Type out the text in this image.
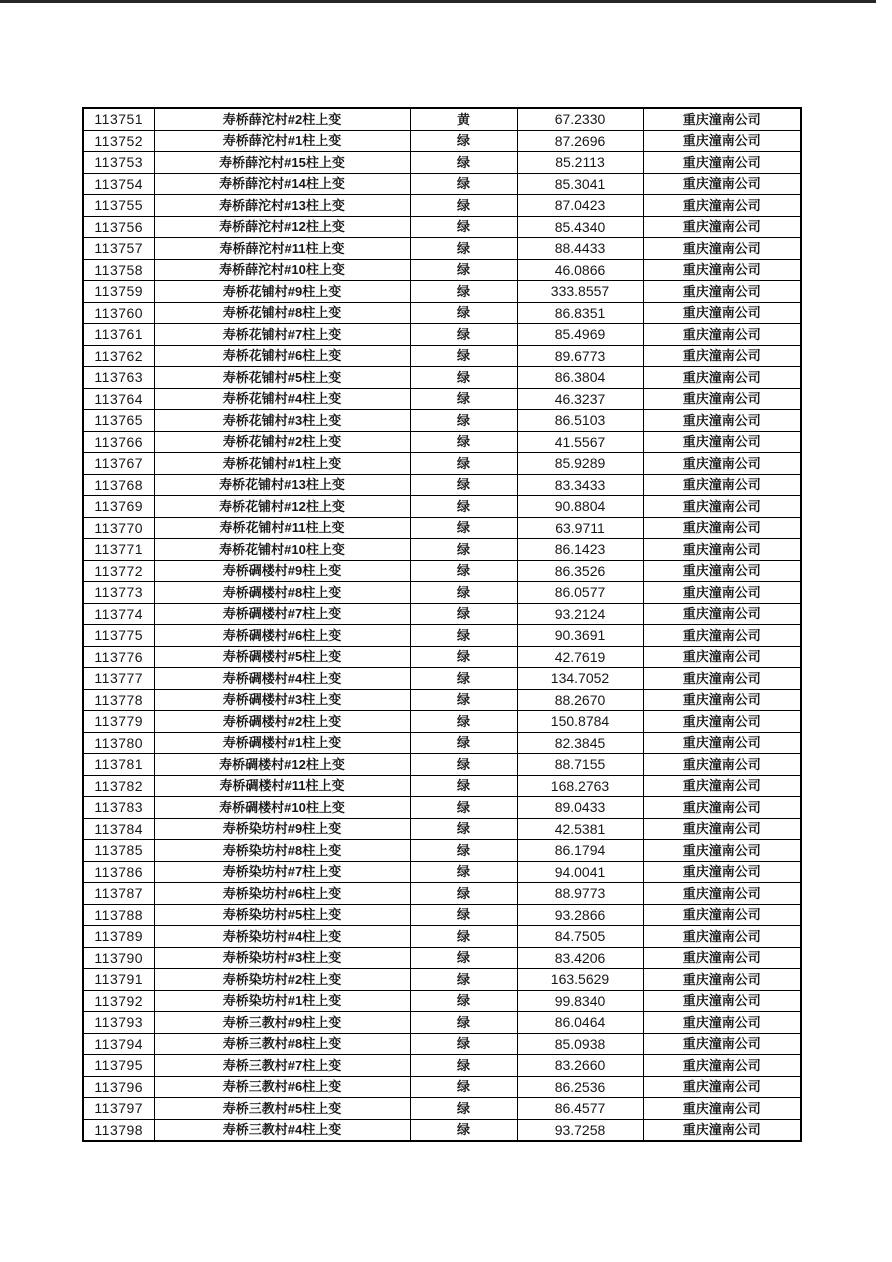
113751	寿桥薛沱村#2柱上变	黄	67.2330	重庆潼南公司
113752	寿桥薛沱村#1柱上变	绿	87.2696	重庆潼南公司
113753	寿桥薛沱村#15柱上变	绿	85.2113	重庆潼南公司
113754	寿桥薛沱村#14柱上变	绿	85.3041	重庆潼南公司
113755	寿桥薛沱村#13柱上变	绿	87.0423	重庆潼南公司
113756	寿桥薛沱村#12柱上变	绿	85.4340	重庆潼南公司
113757	寿桥薛沱村#11柱上变	绿	88.4433	重庆潼南公司
113758	寿桥薛沱村#10柱上变	绿	46.0866	重庆潼南公司
113759	寿桥花铺村#9柱上变	绿	333.8557	重庆潼南公司
113760	寿桥花铺村#8柱上变	绿	86.8351	重庆潼南公司
113761	寿桥花铺村#7柱上变	绿	85.4969	重庆潼南公司
113762	寿桥花铺村#6柱上变	绿	89.6773	重庆潼南公司
113763	寿桥花铺村#5柱上变	绿	86.3804	重庆潼南公司
113764	寿桥花铺村#4柱上变	绿	46.3237	重庆潼南公司
113765	寿桥花铺村#3柱上变	绿	86.5103	重庆潼南公司
113766	寿桥花铺村#2柱上变	绿	41.5567	重庆潼南公司
113767	寿桥花铺村#1柱上变	绿	85.9289	重庆潼南公司
113768	寿桥花铺村#13柱上变	绿	83.3433	重庆潼南公司
113769	寿桥花铺村#12柱上变	绿	90.8804	重庆潼南公司
113770	寿桥花铺村#11柱上变	绿	63.9711	重庆潼南公司
113771	寿桥花铺村#10柱上变	绿	86.1423	重庆潼南公司
113772	寿桥碉楼村#9柱上变	绿	86.3526	重庆潼南公司
113773	寿桥碉楼村#8柱上变	绿	86.0577	重庆潼南公司
113774	寿桥碉楼村#7柱上变	绿	93.2124	重庆潼南公司
113775	寿桥碉楼村#6柱上变	绿	90.3691	重庆潼南公司
113776	寿桥碉楼村#5柱上变	绿	42.7619	重庆潼南公司
113777	寿桥碉楼村#4柱上变	绿	134.7052	重庆潼南公司
113778	寿桥碉楼村#3柱上变	绿	88.2670	重庆潼南公司
113779	寿桥碉楼村#2柱上变	绿	150.8784	重庆潼南公司
113780	寿桥碉楼村#1柱上变	绿	82.3845	重庆潼南公司
113781	寿桥碉楼村#12柱上变	绿	88.7155	重庆潼南公司
113782	寿桥碉楼村#11柱上变	绿	168.2763	重庆潼南公司
113783	寿桥碉楼村#10柱上变	绿	89.0433	重庆潼南公司
113784	寿桥染坊村#9柱上变	绿	42.5381	重庆潼南公司
113785	寿桥染坊村#8柱上变	绿	86.1794	重庆潼南公司
113786	寿桥染坊村#7柱上变	绿	94.0041	重庆潼南公司
113787	寿桥染坊村#6柱上变	绿	88.9773	重庆潼南公司
113788	寿桥染坊村#5柱上变	绿	93.2866	重庆潼南公司
113789	寿桥染坊村#4柱上变	绿	84.7505	重庆潼南公司
113790	寿桥染坊村#3柱上变	绿	83.4206	重庆潼南公司
113791	寿桥染坊村#2柱上变	绿	163.5629	重庆潼南公司
113792	寿桥染坊村#1柱上变	绿	99.8340	重庆潼南公司
113793	寿桥三教村#9柱上变	绿	86.0464	重庆潼南公司
113794	寿桥三教村#8柱上变	绿	85.0938	重庆潼南公司
113795	寿桥三教村#7柱上变	绿	83.2660	重庆潼南公司
113796	寿桥三教村#6柱上变	绿	86.2536	重庆潼南公司
113797	寿桥三教村#5柱上变	绿	86.4577	重庆潼南公司
113798	寿桥三教村#4柱上变	绿	93.7258	重庆潼南公司
